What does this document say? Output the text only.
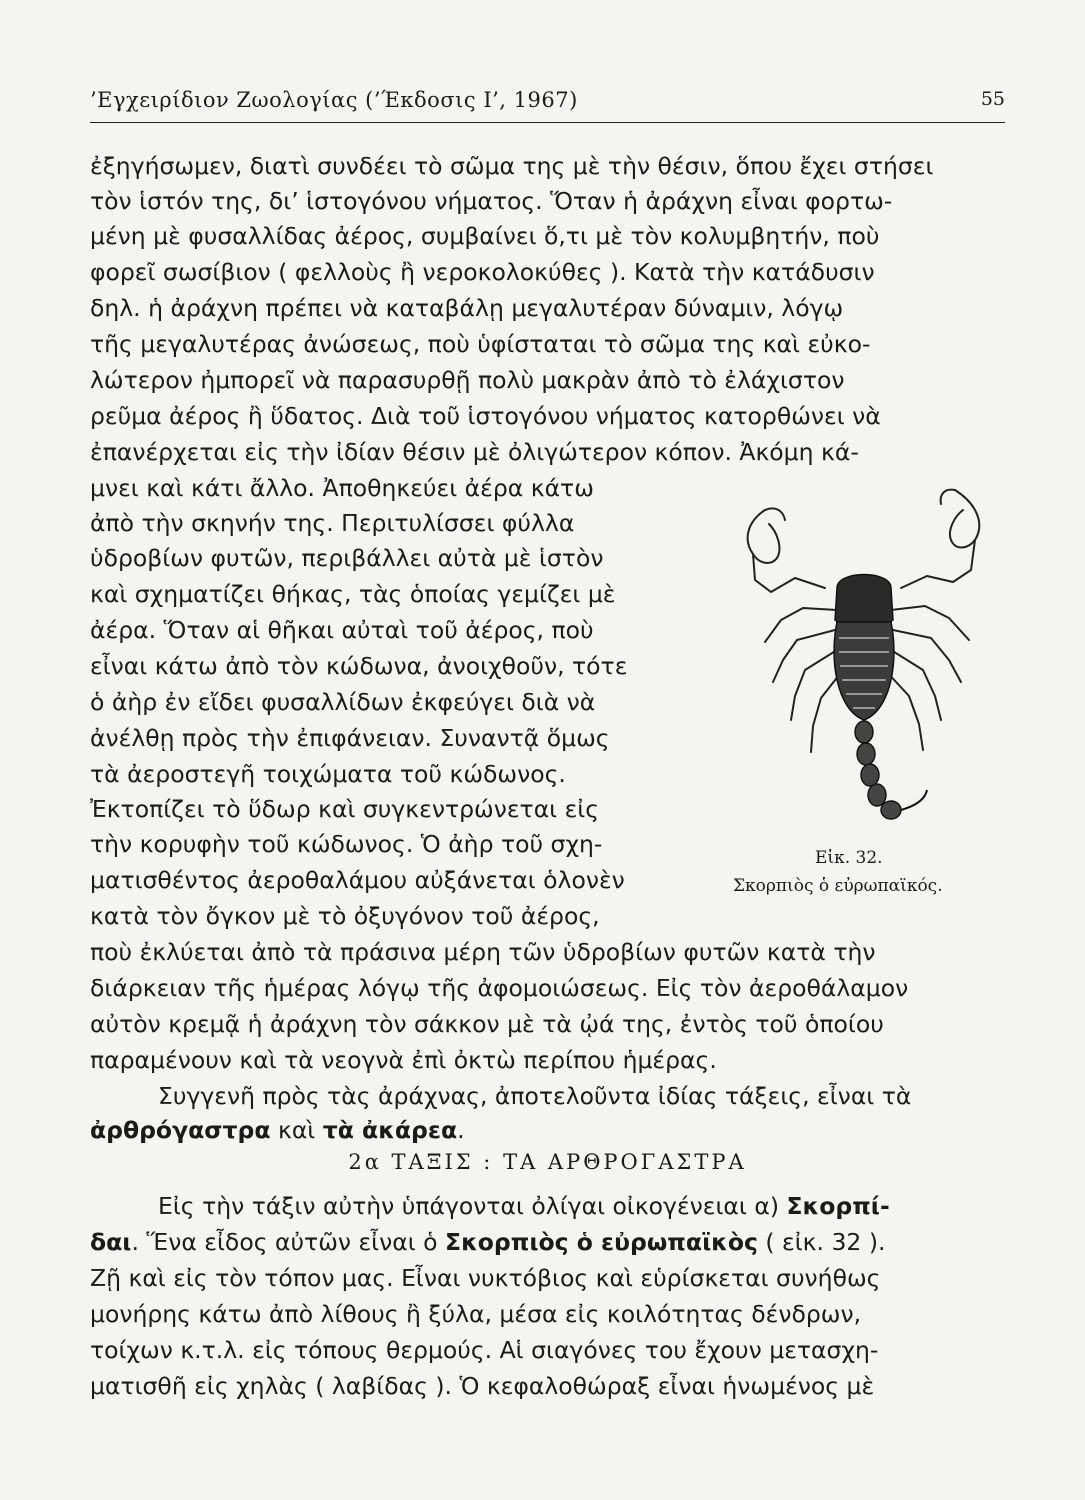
’Εγχειρίδιον Ζωολογίας (’Έκδοσις Ι’, 1967)	55
ἐξηγήσωμεν, διατὶ συνδέει τὸ σῶμα της μὲ τὴν θέσιν, ὅπου ἔχει στήσει
τὸν ἱστόν της, δι’ ἱστογόνου νήματος. Ὅταν ἡ ἀράχνη εἶναι φορτω-
μένη μὲ φυσαλλίδας ἀέρος, συμβαίνει ὅ,τι μὲ τὸν κολυμβητήν, ποὺ
φορεῖ σωσίβιον ( φελλοὺς ἢ νεροκολοκύθες ). Κατὰ τὴν κατάδυσιν
δηλ. ἡ ἀράχνη πρέπει νὰ καταβάλῃ μεγαλυτέραν δύναμιν, λόγῳ
τῆς μεγαλυτέρας ἀνώσεως, ποὺ ὑφίσταται τὸ σῶμα της καὶ εὐκο-
λώτερον ἠμπορεῖ νὰ παρασυρθῇ πολὺ μακρὰν ἀπὸ τὸ ἐλάχιστον
ρεῦμα ἀέρος ἢ ὕδατος. Διὰ τοῦ ἱστογόνου νήματος κατορθώνει νὰ
ἐπανέρχεται εἰς τὴν ἰδίαν θέσιν μὲ ὀλιγώτερον κόπον. Ἀκόμη κά-
μνει καὶ κάτι ἄλλο. Ἀποθηκεύει ἀέρα κάτω
ἀπὸ τὴν σκηνήν της. Περιτυλίσσει φύλλα
ὑδροβίων φυτῶν, περιβάλλει αὐτὰ μὲ ἱστὸν
καὶ σχηματίζει θήκας, τὰς ὁποίας γεμίζει μὲ
ἀέρα. Ὅταν αἱ θῆκαι αὐταὶ τοῦ ἀέρος, ποὺ
εἶναι κάτω ἀπὸ τὸν κώδωνα, ἀνοιχθοῦν, τότε
ὁ ἀὴρ ἐν εἴδει φυσαλλίδων ἐκφεύγει διὰ νὰ
ἀνέλθῃ πρὸς τὴν ἐπιφάνειαν. Συναντᾷ ὅμως
τὰ ἀεροστεγῆ τοιχώματα τοῦ κώδωνος.
Ἐκτοπίζει τὸ ὕδωρ καὶ συγκεντρώνεται εἰς
τὴν κορυφὴν τοῦ κώδωνος. Ὁ ἀὴρ τοῦ σχη-
ματισθέντος ἀεροθαλάμου αὐξάνεται ὁλονὲν
κατὰ τὸν ὄγκον μὲ τὸ ὀξυγόνον τοῦ ἀέρος,
ποὺ ἐκλύεται ἀπὸ τὰ πράσινα μέρη τῶν ὑδροβίων φυτῶν κατὰ τὴν
διάρκειαν τῆς ἡμέρας λόγῳ τῆς ἀφομοιώσεως. Εἰς τὸν ἀεροθάλαμον
αὐτὸν κρεμᾷ ἡ ἀράχνη τὸν σάκκον μὲ τὰ ᾠά της, ἐντὸς τοῦ ὁποίου
παραμένουν καὶ τὰ νεογνὰ ἐπὶ ὀκτὼ περίπου ἡμέρας.
Συγγενῆ πρὸς τὰς ἀράχνας, ἀποτελοῦντα ἰδίας τάξεις, εἶναι τὰ
ἀρθρόγαστρα καὶ τὰ ἀκάρεα.
2α ΤΑΞΙΣ : ΤΑ ΑΡΘΡΟΓΑΣΤΡΑ
Εἰς τὴν τάξιν αὐτὴν ὑπάγονται ὀλίγαι οἰκογένειαι α) Σκορπί-
δαι. Ἕνα εἶδος αὐτῶν εἶναι ὁ Σκορπιὸς ὁ εὐρωπαϊκὸς ( εἰκ. 32 ).
Ζῇ καὶ εἰς τὸν τόπον μας. Εἶναι νυκτόβιος καὶ εὑρίσκεται συνήθως
μονήρης κάτω ἀπὸ λίθους ἢ ξύλα, μέσα εἰς κοιλότητας δένδρων,
τοίχων κ.τ.λ. εἰς τόπους θερμούς. Αἱ σιαγόνες του ἔχουν μετασχη-
ματισθῆ εἰς χηλὰς ( λαβίδας ). Ὁ κεφαλοθώραξ εἶναι ἡνωμένος μὲ
Εἰκ. 32.
Σκορπιὸς ὁ εὐρωπαϊκός.
